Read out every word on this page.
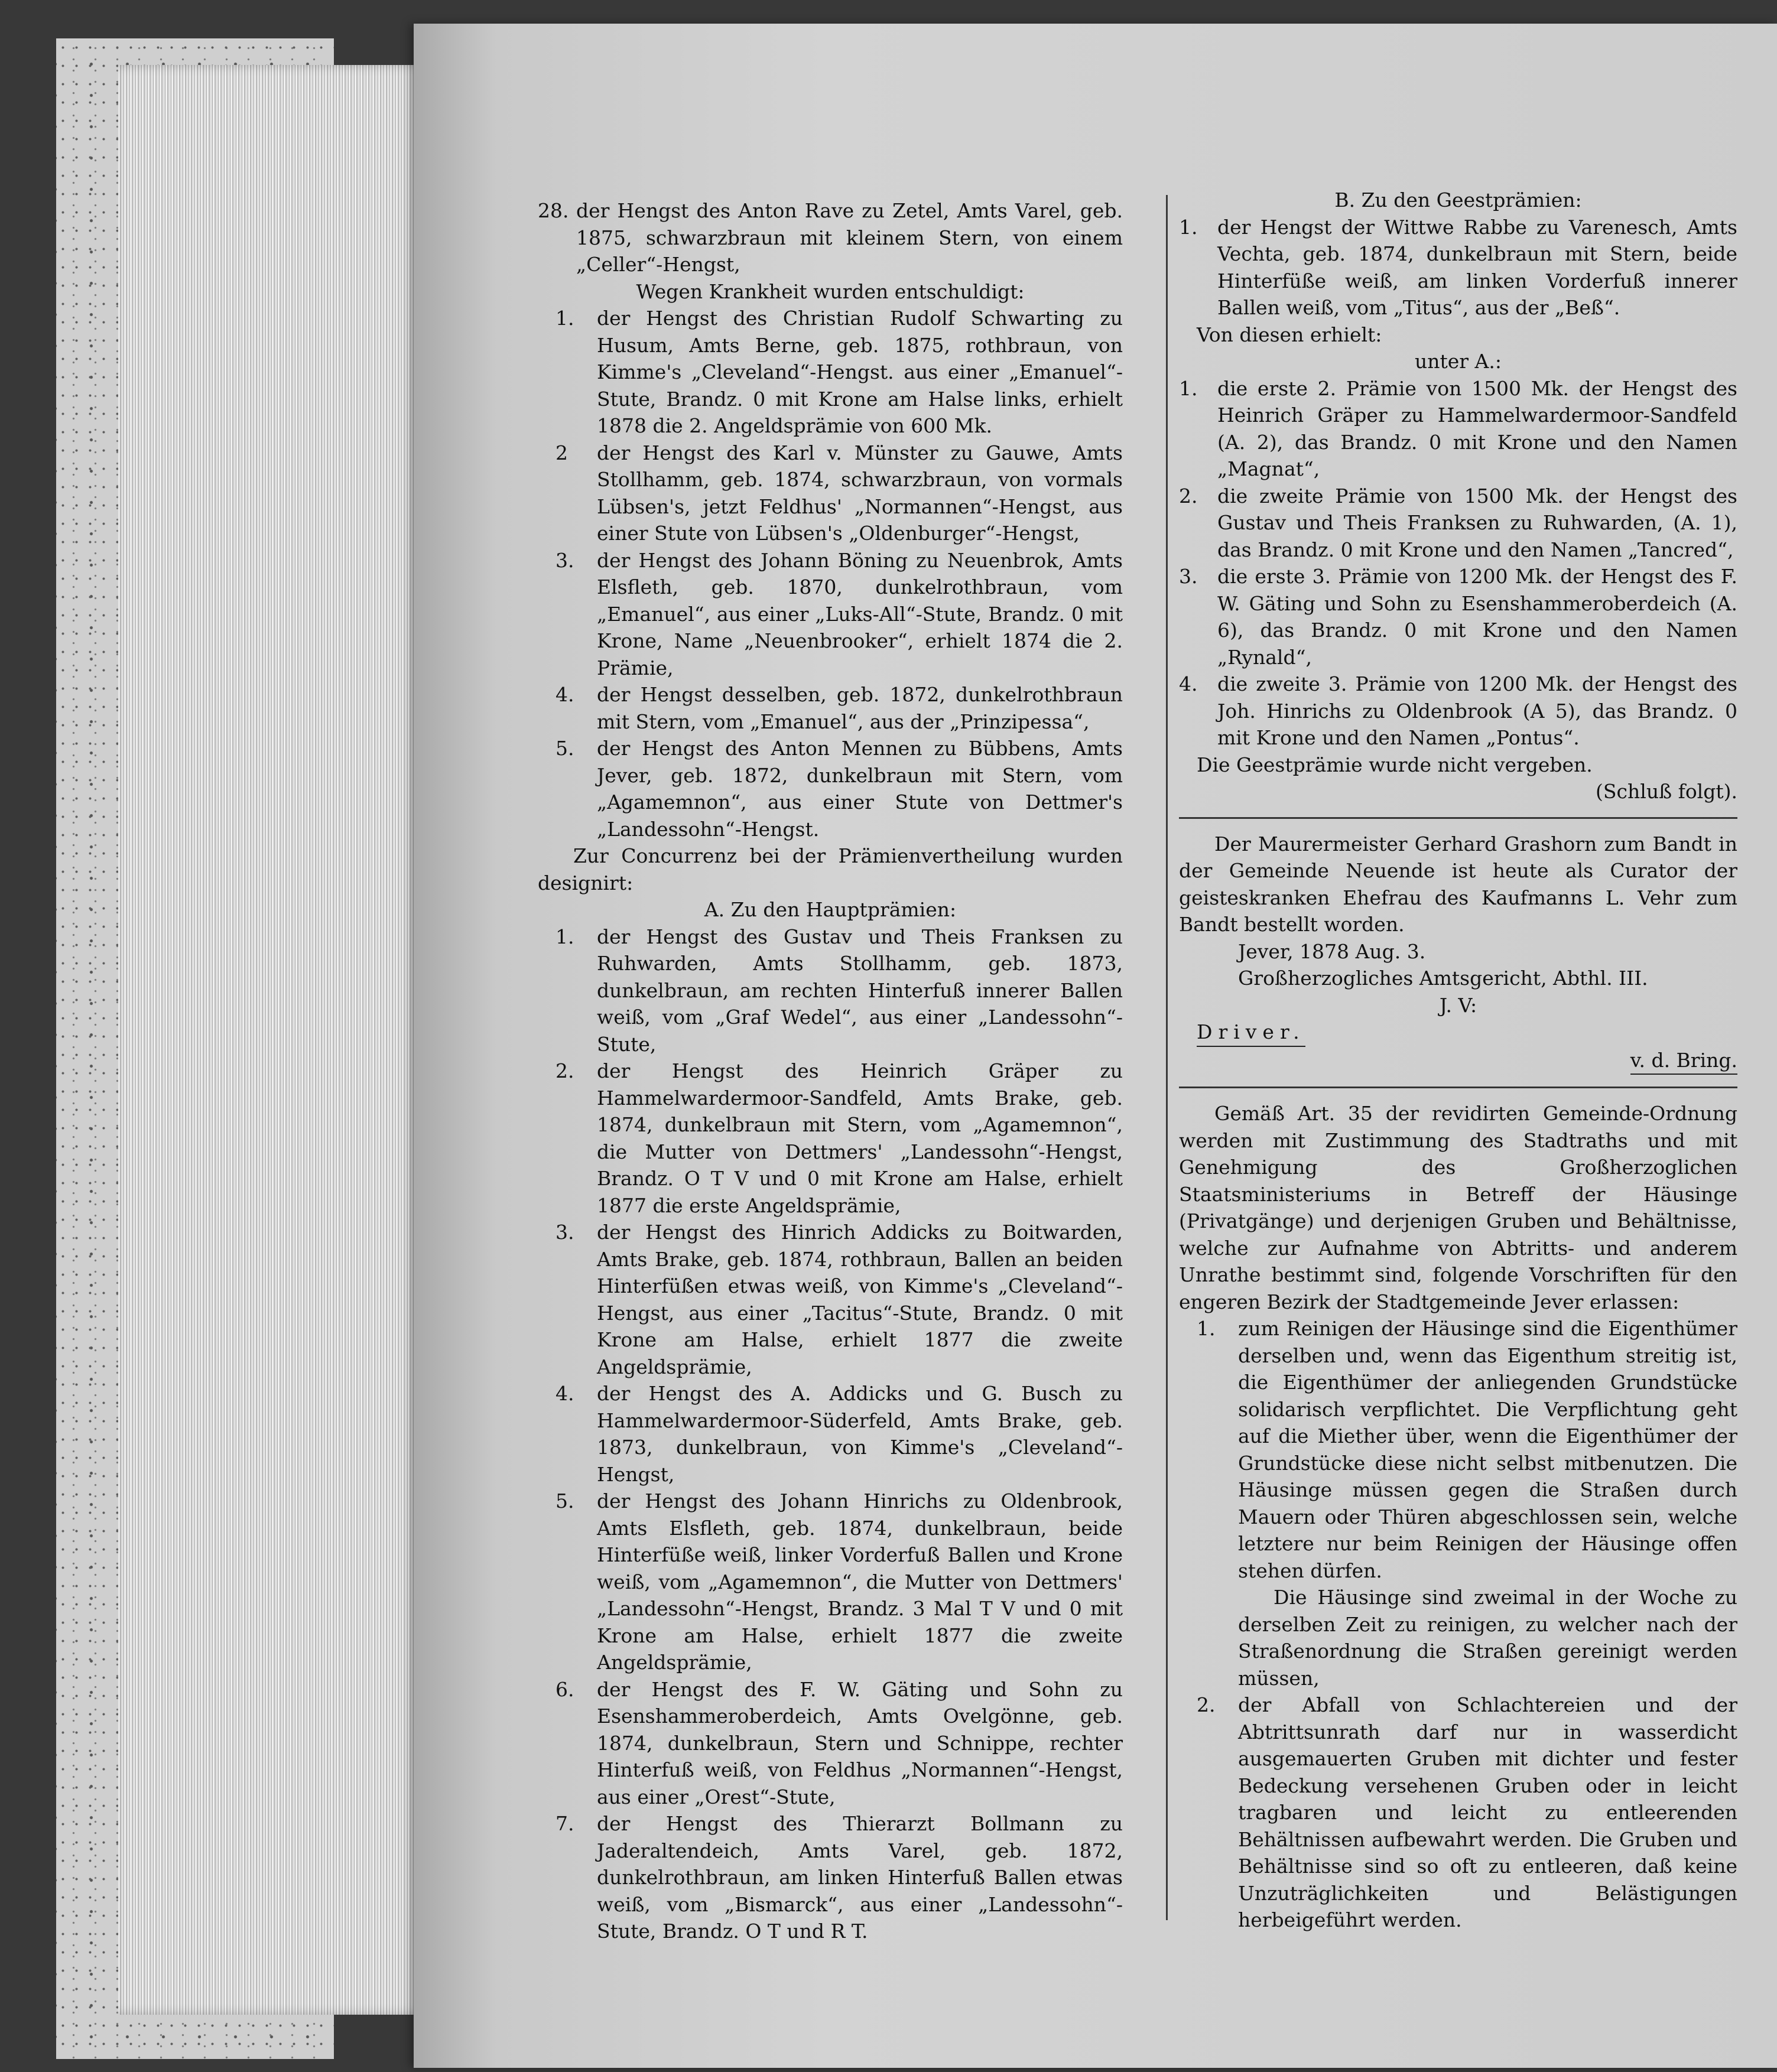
28. der Hengst des Anton Rave zu Zetel, Amts Varel, geb. 1875, schwarzbraun mit kleinem Stern, von einem „Celler“-Hengst,

Wegen Krankheit wurden entschuldigt:

1. der Hengst des Christian Rudolf Schwarting zu Husum, Amts Berne, geb. 1875, rothbraun, von Kimme's „Cleveland“-Hengst. aus einer „Emanuel“-Stute, Brandz. 0 mit Krone am Halse links, erhielt 1878 die 2. Angeldsprämie von 600 Mk.

2 der Hengst des Karl v. Münster zu Gauwe, Amts Stollhamm, geb. 1874, schwarzbraun, von vormals Lübsen's, jetzt Feldhus' „Normannen“-Hengst, aus einer Stute von Lübsen's „Oldenburger“-Hengst,

3. der Hengst des Johann Böning zu Neuenbrok, Amts Elsfleth, geb. 1870, dunkelrothbraun, vom „Emanuel“, aus einer „Luks-All“-Stute, Brandz. 0 mit Krone, Name „Neuenbrooker“, erhielt 1874 die 2. Prämie,

4. der Hengst desselben, geb. 1872, dunkelrothbraun mit Stern, vom „Emanuel“, aus der „Prinzipessa“,

5. der Hengst des Anton Mennen zu Bübbens, Amts Jever, geb. 1872, dunkelbraun mit Stern, vom „Agamemnon“, aus einer Stute von Dettmer's „Landessohn“-Hengst.

Zur Concurrenz bei der Prämienvertheilung wurden designirt:

A. Zu den Hauptprämien:

1. der Hengst des Gustav und Theis Franksen zu Ruhwarden, Amts Stollhamm, geb. 1873, dunkelbraun, am rechten Hinterfuß innerer Ballen weiß, vom „Graf Wedel“, aus einer „Landessohn“-Stute,

2. der Hengst des Heinrich Gräper zu Hammelwardermoor-Sandfeld, Amts Brake, geb. 1874, dunkelbraun mit Stern, vom „Agamemnon“, die Mutter von Dettmers' „Landessohn“-Hengst, Brandz. O T V und 0 mit Krone am Halse, erhielt 1877 die erste Angeldsprämie,

3. der Hengst des Hinrich Addicks zu Boitwarden, Amts Brake, geb. 1874, rothbraun, Ballen an beiden Hinterfüßen etwas weiß, von Kimme's „Cleveland“-Hengst, aus einer „Tacitus“-Stute, Brandz. 0 mit Krone am Halse, erhielt 1877 die zweite Angeldsprämie,

4. der Hengst des A. Addicks und G. Busch zu Hammelwardermoor-Süderfeld, Amts Brake, geb. 1873, dunkelbraun, von Kimme's „Cleveland“-Hengst,

5. der Hengst des Johann Hinrichs zu Oldenbrook, Amts Elsfleth, geb. 1874, dunkelbraun, beide Hinterfüße weiß, linker Vorderfuß Ballen und Krone weiß, vom „Agamemnon“, die Mutter von Dettmers' „Landessohn“-Hengst, Brandz. 3 Mal T V und 0 mit Krone am Halse, erhielt 1877 die zweite Angeldsprämie,

6. der Hengst des F. W. Gäting und Sohn zu Esenshammeroberdeich, Amts Ovelgönne, geb. 1874, dunkelbraun, Stern und Schnippe, rechter Hinterfuß weiß, von Feldhus „Normannen“-Hengst, aus einer „Orest“-Stute,

7. der Hengst des Thierarzt Bollmann zu Jaderaltendeich, Amts Varel, geb. 1872, dunkelrothbraun, am linken Hinterfuß Ballen etwas weiß, vom „Bismarck“, aus einer „Landessohn“-Stute, Brandz. O T und R T.

B. Zu den Geestprämien:

1. der Hengst der Wittwe Rabbe zu Varenesch, Amts Vechta, geb. 1874, dunkelbraun mit Stern, beide Hinterfüße weiß, am linken Vorderfuß innerer Ballen weiß, vom „Titus“, aus der „Beß“.

Von diesen erhielt:

unter A.:

1. die erste 2. Prämie von 1500 Mk. der Hengst des Heinrich Gräper zu Hammelwardermoor-Sandfeld (A. 2), das Brandz. 0 mit Krone und den Namen „Magnat“,

2. die zweite Prämie von 1500 Mk. der Hengst des Gustav und Theis Franksen zu Ruhwarden, (A. 1), das Brandz. 0 mit Krone und den Namen „Tancred“,

3. die erste 3. Prämie von 1200 Mk. der Hengst des F. W. Gäting und Sohn zu Esenshammeroberdeich (A. 6), das Brandz. 0 mit Krone und den Namen „Rynald“,

4. die zweite 3. Prämie von 1200 Mk. der Hengst des Joh. Hinrichs zu Oldenbrook (A 5), das Brandz. 0 mit Krone und den Namen „Pontus“.

Die Geestprämie wurde nicht vergeben.

(Schluß folgt).

Der Maurermeister Gerhard Grashorn zum Bandt in der Gemeinde Neuende ist heute als Curator der geisteskranken Ehefrau des Kaufmanns L. Vehr zum Bandt bestellt worden.

Jever, 1878 Aug. 3.

Großherzogliches Amtsgericht, Abthl. III.

J. V:

Driver.

v. d. Bring.

Gemäß Art. 35 der revidirten Gemeinde-Ordnung werden mit Zustimmung des Stadtraths und mit Genehmigung des Großherzoglichen Staatsministeriums in Betreff der Häusinge (Privatgänge) und derjenigen Gruben und Behältnisse, welche zur Aufnahme von Abtritts- und anderem Unrathe bestimmt sind, folgende Vorschriften für den engeren Bezirk der Stadtgemeinde Jever erlassen:

1. zum Reinigen der Häusinge sind die Eigenthümer derselben und, wenn das Eigenthum streitig ist, die Eigenthümer der anliegenden Grundstücke solidarisch verpflichtet. Die Verpflichtung geht auf die Miether über, wenn die Eigenthümer der Grundstücke diese nicht selbst mitbenutzen. Die Häusinge müssen gegen die Straßen durch Mauern oder Thüren abgeschlossen sein, welche letztere nur beim Reinigen der Häusinge offen stehen dürfen.

Die Häusinge sind zweimal in der Woche zu derselben Zeit zu reinigen, zu welcher nach der Straßenordnung die Straßen gereinigt werden müssen,

2. der Abfall von Schlachtereien und der Abtrittsunrath darf nur in wasserdicht ausgemauerten Gruben mit dichter und fester Bedeckung versehenen Gruben oder in leicht tragbaren und leicht zu entleerenden Behältnissen aufbewahrt werden. Die Gruben und Behältnisse sind so oft zu entleeren, daß keine Unzuträglichkeiten und Belästigungen herbeigeführt werden.
